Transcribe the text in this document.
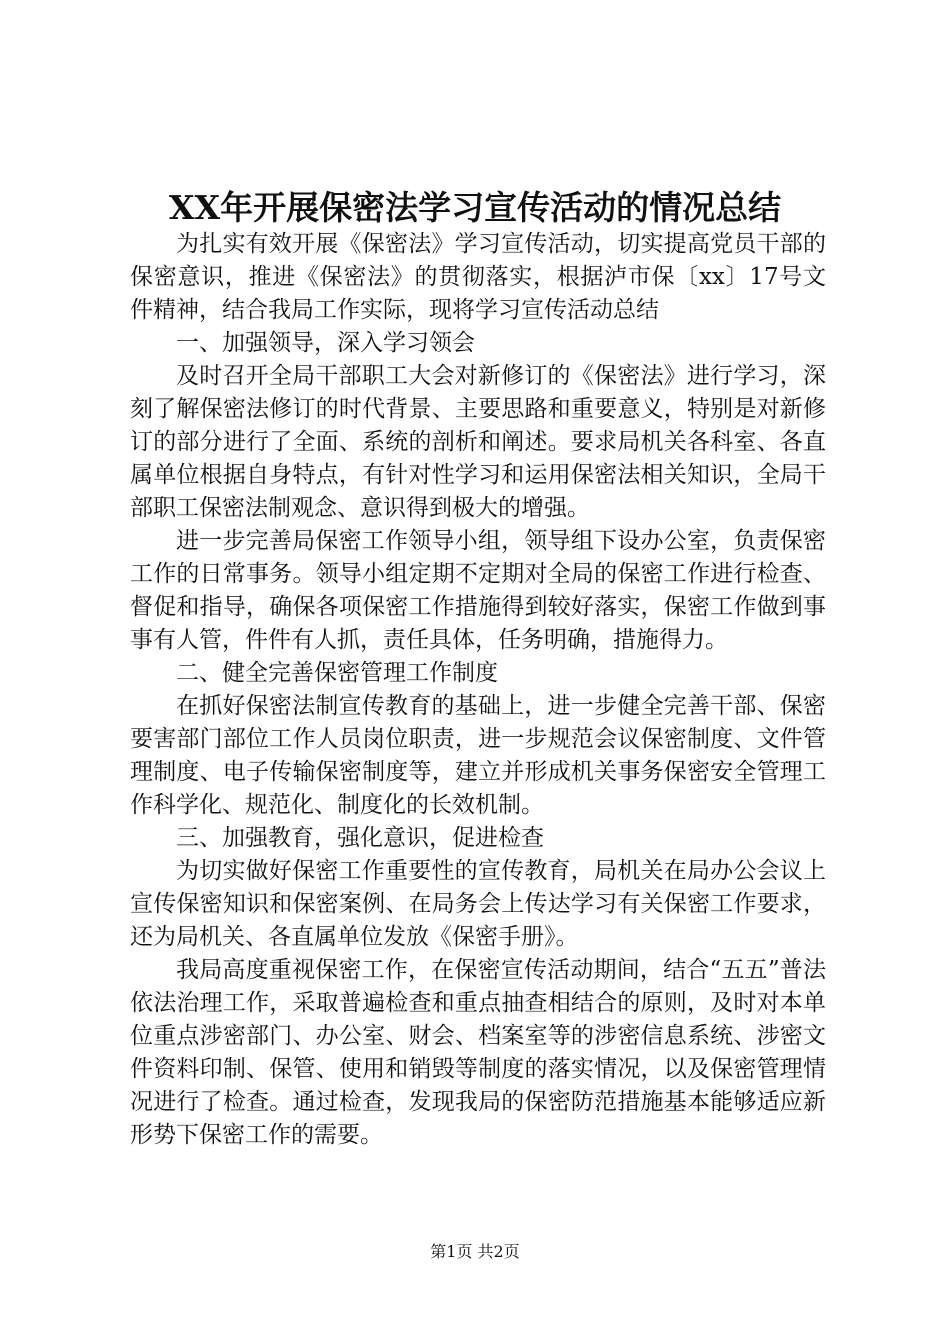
XX年开展保密法学习宣传活动的情况总结

为扎实有效开展《保密法》学习宣传活动，切实提高党员干部的保密意识，推进《保密法》的贯彻落实，根据泸市保〔xx〕17号文件精神，结合我局工作实际，现将学习宣传活动总结

一、加强领导，深入学习领会

及时召开全局干部职工大会对新修订的《保密法》进行学习，深刻了解保密法修订的时代背景、主要思路和重要意义，特别是对新修订的部分进行了全面、系统的剖析和阐述。要求局机关各科室、各直属单位根据自身特点，有针对性学习和运用保密法相关知识，全局干部职工保密法制观念、意识得到极大的增强。

进一步完善局保密工作领导小组，领导组下设办公室，负责保密工作的日常事务。领导小组定期不定期对全局的保密工作进行检查、督促和指导，确保各项保密工作措施得到较好落实，保密工作做到事事有人管，件件有人抓，责任具体，任务明确，措施得力。

二、健全完善保密管理工作制度

在抓好保密法制宣传教育的基础上，进一步健全完善干部、保密要害部门部位工作人员岗位职责，进一步规范会议保密制度、文件管理制度、电子传输保密制度等，建立并形成机关事务保密安全管理工作科学化、规范化、制度化的长效机制。

三、加强教育，强化意识，促进检查

为切实做好保密工作重要性的宣传教育，局机关在局办公会议上宣传保密知识和保密案例、在局务会上传达学习有关保密工作要求，还为局机关、各直属单位发放《保密手册》。

我局高度重视保密工作，在保密宣传活动期间，结合“五五”普法依法治理工作，采取普遍检查和重点抽查相结合的原则，及时对本单位重点涉密部门、办公室、财会、档案室等的涉密信息系统、涉密文件资料印制、保管、使用和销毁等制度的落实情况，以及保密管理情况进行了检查。通过检查，发现我局的保密防范措施基本能够适应新形势下保密工作的需要。

第1页 共2页
